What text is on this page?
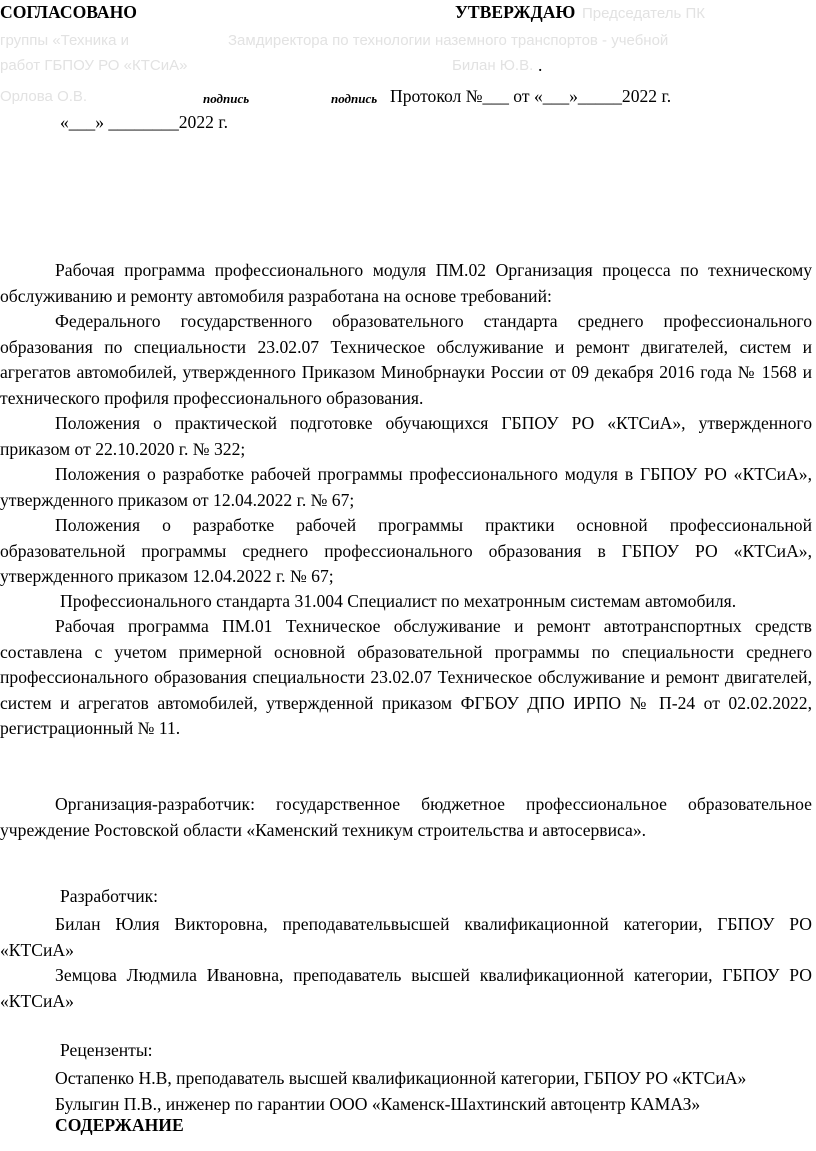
СОГЛАСОВАНО	УТВЕРЖДАЮ Председатель ПК
группы «Техника и	Замдиректора по технологии наземного транспортов - учебной
работ ГБПОУ РО «КТСиА»	Билан Ю.В. .
Орлова О.В.	подпись	подпись Протокол №___ от «___»_____2022 г.
«___» ________2022 г.

Рабочая программа профессионального модуля ПМ.02 Организация процесса по техническому обслуживанию и ремонту автомобиля разработана на основе требований:

Федерального государственного образовательного стандарта среднего профессионального образования по специальности 23.02.07 Техническое обслуживание и ремонт двигателей, систем и агрегатов автомобилей, утвержденного Приказом Минобрнауки России от 09 декабря 2016 года № 1568 и технического профиля профессионального образования.

Положения о практической подготовке обучающихся ГБПОУ РО «КТСиА», утвержденного приказом от 22.10.2020 г. № 322;

Положения о разработке рабочей программы профессионального модуля в ГБПОУ РО «КТСиА», утвержденного приказом от 12.04.2022 г. № 67;

Положения о разработке рабочей программы практики основной профессиональной образовательной программы среднего профессионального образования в ГБПОУ РО «КТСиА», утвержденного приказом 12.04.2022 г. № 67;

Профессионального стандарта 31.004 Специалист по мехатронным системам автомобиля.

Рабочая программа ПМ.01 Техническое обслуживание и ремонт автотранспортных средств составлена с учетом примерной основной образовательной программы по специальности среднего профессионального образования специальности 23.02.07 Техническое обслуживание и ремонт двигателей, систем и агрегатов автомобилей, утвержденной приказом ФГБОУ ДПО ИРПО № П-24 от 02.02.2022, регистрационный № 11.

Организация-разработчик: государственное бюджетное профессиональное образовательное учреждение Ростовской области «Каменский техникум строительства и автосервиса».

Разработчик:

Билан Юлия Викторовна, преподавательвысшей квалификационной категории, ГБПОУ РО «КТСиА»

Земцова Людмила Ивановна, преподаватель высшей квалификационной категории, ГБПОУ РО «КТСиА»

Рецензенты:

Остапенко Н.В, преподаватель высшей квалификационной категории, ГБПОУ РО «КТСиА»

Булыгин П.В., инженер по гарантии ООО «Каменск-Шахтинский автоцентр КАМАЗ»

СОДЕРЖАНИЕ
